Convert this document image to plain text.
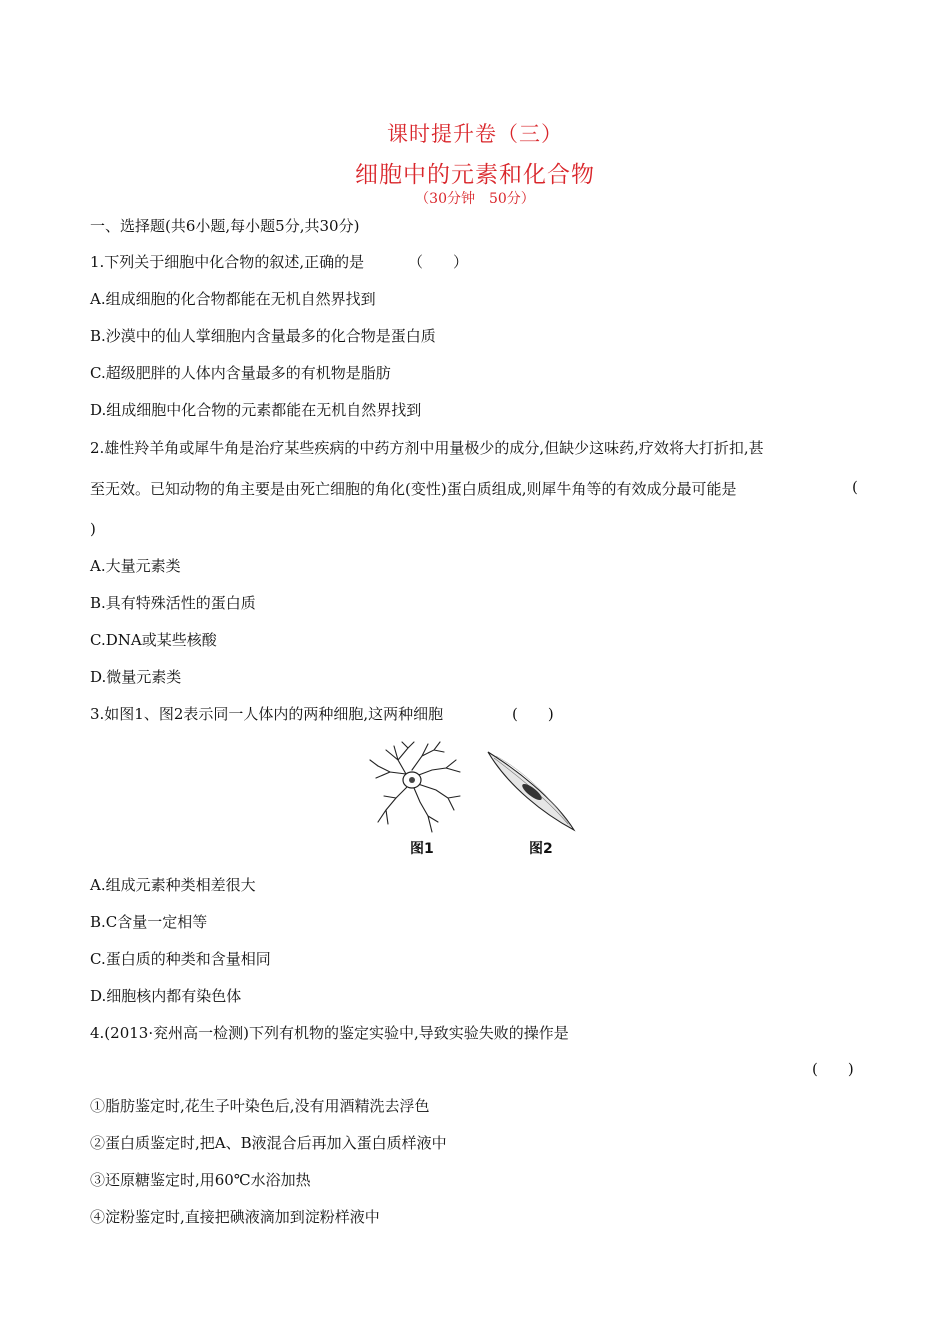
课时提升卷（三）
细胞中的元素和化合物
（30分钟　50分）
一、选择题(共6小题,每小题5分,共30分)
1.下列关于细胞中化合物的叙述,正确的是	（　　）
A.组成细胞的化合物都能在无机自然界找到
B.沙漠中的仙人掌细胞内含量最多的化合物是蛋白质
C.超级肥胖的人体内含量最多的有机物是脂肪
D.组成细胞中化合物的元素都能在无机自然界找到
2.雄性羚羊角或犀牛角是治疗某些疾病的中药方剂中用量极少的成分,但缺少这味药,疗效将大打折扣,甚
至无效。已知动物的角主要是由死亡细胞的角化(变性)蛋白质组成,则犀牛角等的有效成分最可能是	(
)
A.大量元素类
B.具有特殊活性的蛋白质
C.DNA或某些核酸
D.微量元素类
3.如图1、图2表示同一人体内的两种细胞,这两种细胞	(　　)
图1	图2
A.组成元素种类相差很大
B.C含量一定相等
C.蛋白质的种类和含量相同
D.细胞核内都有染色体
4.(2013·兖州高一检测)下列有机物的鉴定实验中,导致实验失败的操作是
(　　)
①脂肪鉴定时,花生子叶染色后,没有用酒精洗去浮色
②蛋白质鉴定时,把A、B液混合后再加入蛋白质样液中
③还原糖鉴定时,用60℃水浴加热
④淀粉鉴定时,直接把碘液滴加到淀粉样液中
